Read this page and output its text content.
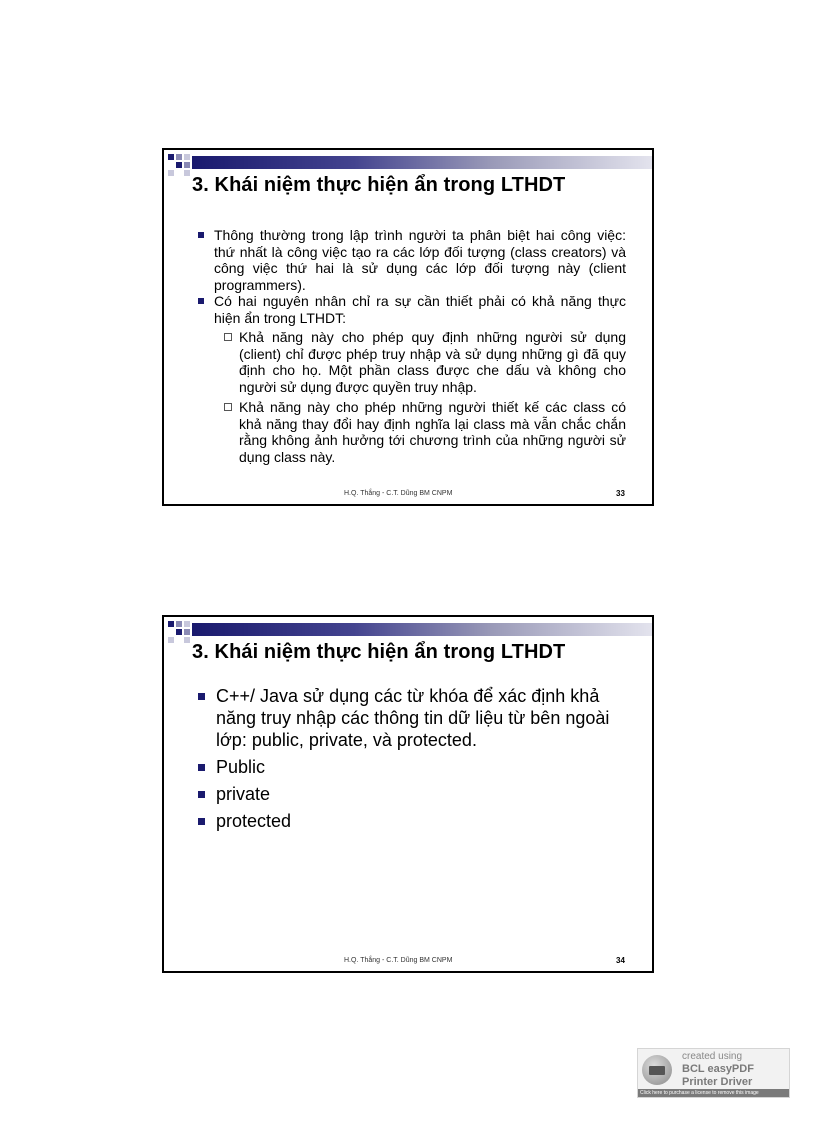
3. Khái niệm thực hiện ẩn trong LTHDT
Thông thường trong lập trình người ta phân biệt hai công việc: thứ nhất là công việc tạo ra các lớp đối tượng (class creators) và công việc thứ hai là sử dụng các lớp đối tượng này (client programmers).
Có hai nguyên nhân chỉ ra sự cần thiết phải có khả năng thực hiện ẩn trong LTHDT:
Khả năng này cho phép quy định những người sử dụng (client) chỉ được phép truy nhập và sử dụng những gì đã quy định cho họ. Một phần class được che dấu và không cho người sử dụng được quyền truy nhập.
Khả năng này cho phép những người thiết kế các class có khả năng thay đổi hay định nghĩa lại class mà vẫn chắc chắn rằng không ảnh hưởng tới chương trình của những người sử dụng class này.
H.Q. Thắng - C.T. Dũng BM CNPM	33
3. Khái niệm thực hiện ẩn trong LTHDT
C++/ Java sử dụng các từ khóa để xác định khả năng truy nhập các thông tin dữ liệu từ bên ngoài lớp: public, private, và protected.
Public
private
protected
H.Q. Thắng - C.T. Dũng BM CNPM	34
created using
BCL easyPDF
Printer Driver
Click here to purchase a license to remove this image
